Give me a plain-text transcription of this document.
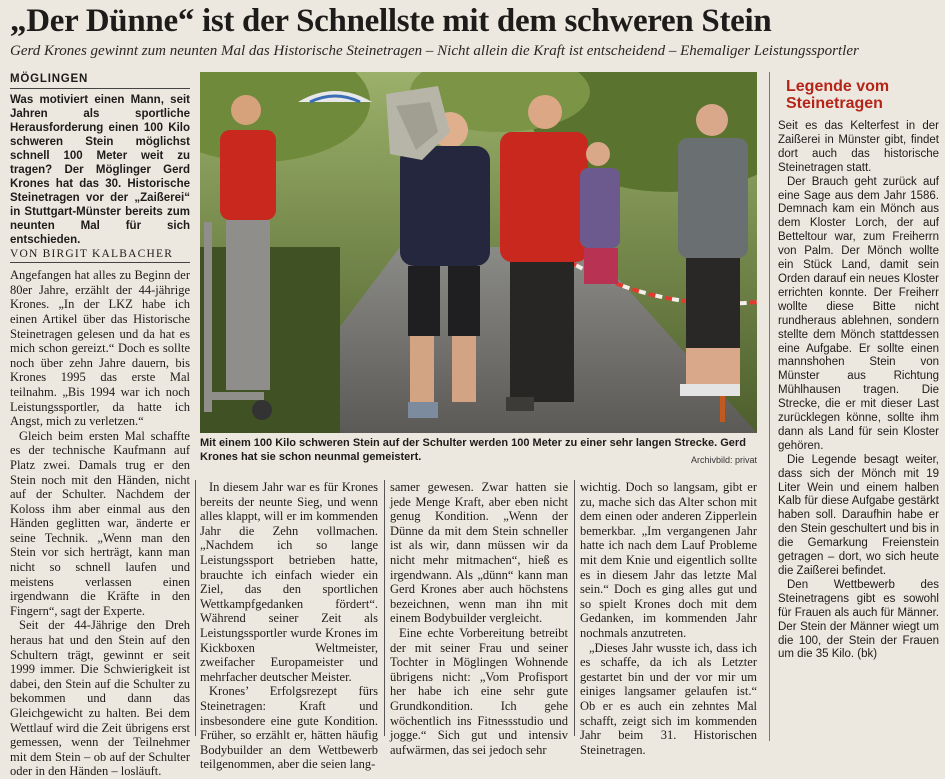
„Der Dünne“ ist der Schnellste mit dem schweren Stein

Gerd Krones gewinnt zum neunten Mal das Historische Steinetragen – Nicht allein die Kraft ist entscheidend – Ehemaliger Leistungssportler

MÖGLINGEN

Was motiviert einen Mann, seit Jahren als sportliche Herausforderung einen 100 Kilo schweren Stein möglichst schnell 100 Meter weit zu tragen? Der Möglinger Gerd Krones hat das 30. Historische Steinetragen vor der „Zaißerei“ in Stuttgart-Münster bereits zum neunten Mal für sich entschieden.

VON BIRGIT KALBACHER

Angefangen hat alles zu Beginn der 80er Jahre, erzählt der 44-jährige Krones. „In der LKZ habe ich einen Artikel über das Historische Steinetragen gelesen und da hat es mich schon gereizt.“ Doch es sollte noch über zehn Jahre dauern, bis Krones 1995 das erste Mal teilnahm. „Bis 1994 war ich noch Leistungssportler, da hatte ich Angst, mich zu verletzen.“

Gleich beim ersten Mal schaffte es der technische Kaufmann auf Platz zwei. Damals trug er den Stein noch mit den Händen, nicht auf der Schulter. Nachdem der Koloss ihm aber einmal aus den Händen geglitten war, änderte er seine Technik. „Wenn man den Stein vor sich herträgt, kann man nicht so schnell laufen und meistens verlassen einen irgendwann die Kräfte in den Fingern“, sagt der Experte.

Seit der 44-Jährige den Dreh heraus hat und den Stein auf den Schultern trägt, gewinnt er seit 1999 immer. Die Schwierigkeit ist dabei, den Stein auf die Schulter zu bekommen und dann das Gleichgewicht zu halten. Bei dem Wettlauf wird die Zeit übrigens erst gemessen, wenn der Teilnehmer mit dem Stein – ob auf der Schulter oder in den Händen – losläuft.

Mit einem 100 Kilo schweren Stein auf der Schulter werden 100 Meter zu einer sehr langen Strecke. Gerd Krones hat sie schon neunmal gemeistert.	Archivbild: privat

In diesem Jahr war es für Krones bereits der neunte Sieg, und wenn alles klappt, will er im kommenden Jahr die Zehn vollmachen. „Nachdem ich so lange Leistungssport betrieben hatte, brauchte ich einfach wieder ein Ziel, das den sportlichen Wettkampfgedanken fördert“. Während seiner Zeit als Leistungssportler wurde Krones im Kickboxen Weltmeister, zweifacher Europameister und mehrfacher deutscher Meister.

Krones’ Erfolgsrezept fürs Steinetragen: Kraft und insbesondere eine gute Kondition. Früher, so erzählt er, hätten häufig Bodybuilder an dem Wettbewerb teilgenommen, aber die seien lang-

samer gewesen. Zwar hatten sie jede Menge Kraft, aber eben nicht genug Kondition. „Wenn der Dünne da mit dem Stein schneller ist als wir, dann müssen wir da nicht mehr mitmachen“, hieß es irgendwann. Als „dünn“ kann man Gerd Krones aber auch höchstens bezeichnen, wenn man ihn mit einem Bodybuilder vergleicht.

Eine echte Vorbereitung betreibt der mit seiner Frau und seiner Tochter in Möglingen Wohnende übrigens nicht: „Vom Profisport her habe ich eine sehr gute Grundkondition. Ich gehe wöchentlich ins Fitnessstudio und jogge.“ Sich gut und intensiv aufwärmen, das sei jedoch sehr

wichtig. Doch so langsam, gibt er zu, mache sich das Alter schon mit dem einen oder anderen Zipperlein bemerkbar. „Im vergangenen Jahr hatte ich nach dem Lauf Probleme mit dem Knie und eigentlich sollte es in diesem Jahr das letzte Mal sein.“ Doch es ging alles gut und so spielt Krones doch mit dem Gedanken, im kommenden Jahr nochmals anzutreten.

„Dieses Jahr wusste ich, dass ich es schaffe, da ich als Letzter gestartet bin und der vor mir um einiges langsamer gelaufen ist.“ Ob er es auch ein zehntes Mal schafft, zeigt sich im kommenden Jahr beim 31. Historischen Steinetragen.

Legende vom Steinetragen

Seit es das Kelterfest in der Zaißerei in Münster gibt, findet dort auch das historische Steinetragen statt.

Der Brauch geht zurück auf eine Sage aus dem Jahr 1586. Demnach kam ein Mönch aus dem Kloster Lorch, der auf Betteltour war, zum Freiherrn von Palm. Der Mönch wollte ein Stück Land, damit sein Orden darauf ein neues Kloster errichten konnte. Der Freiherr wollte diese Bitte nicht rundheraus ablehnen, sondern stellte dem Mönch stattdessen eine Aufgabe. Er sollte einen mannshohen Stein von Münster aus Richtung Mühlhausen tragen. Die Strecke, die er mit dieser Last zurücklegen könne, sollte ihm dann als Land für sein Kloster gehören.

Die Legende besagt weiter, dass sich der Mönch mit 19 Liter Wein und einem halben Kalb für diese Aufgabe gestärkt haben soll. Daraufhin habe er den Stein geschultert und bis in die Gemarkung Freienstein getragen – dort, wo sich heute die Zaißerei befindet.

Den Wettbewerb des Steinetragens gibt es sowohl für Frauen als auch für Männer. Der Stein der Männer wiegt um die 100, der Stein der Frauen um die 35 Kilo. (bk)
